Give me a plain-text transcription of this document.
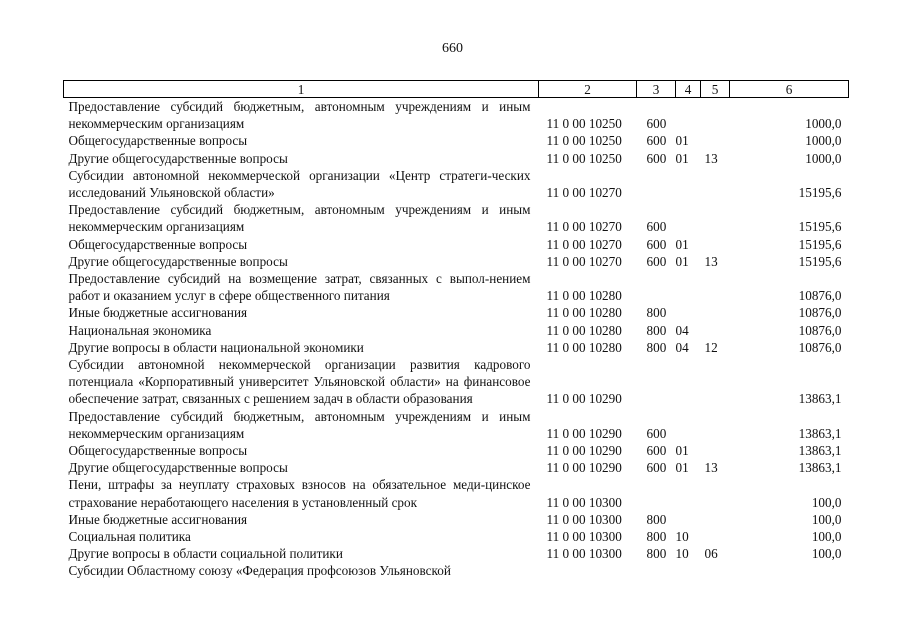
660
1	2	3	4	5	6
Предоставление субсидий бюджетным, автономным учреждениям и иным некоммерческим организациям	11 0 00 10250	600			1000,0
Общегосударственные вопросы	11 0 00 10250	600	01		1000,0
Другие общегосударственные вопросы	11 0 00 10250	600	01	13	1000,0
Субсидии автономной некоммерческой организации «Центр стратеги-ческих исследований Ульяновской области»	11 0 00 10270				15195,6
Предоставление субсидий бюджетным, автономным учреждениям и иным некоммерческим организациям	11 0 00 10270	600			15195,6
Общегосударственные вопросы	11 0 00 10270	600	01		15195,6
Другие общегосударственные вопросы	11 0 00 10270	600	01	13	15195,6
Предоставление субсидий на возмещение затрат, связанных с выпол-нением работ и оказанием услуг в сфере общественного питания	11 0 00 10280				10876,0
Иные бюджетные ассигнования	11 0 00 10280	800			10876,0
Национальная экономика	11 0 00 10280	800	04		10876,0
Другие вопросы в области национальной экономики	11 0 00 10280	800	04	12	10876,0
Субсидии автономной некоммерческой организации развития кадрового потенциала «Корпоративный университет Ульяновской области» на финансовое обеспечение затрат, связанных с решением задач в области образования	11 0 00 10290				13863,1
Предоставление субсидий бюджетным, автономным учреждениям и иным некоммерческим организациям	11 0 00 10290	600			13863,1
Общегосударственные вопросы	11 0 00 10290	600	01		13863,1
Другие общегосударственные вопросы	11 0 00 10290	600	01	13	13863,1
Пени, штрафы за неуплату страховых взносов на обязательное меди-цинское страхование неработающего населения в установленный срок	11 0 00 10300				100,0
Иные бюджетные ассигнования	11 0 00 10300	800			100,0
Социальная политика	11 0 00 10300	800	10		100,0
Другие вопросы в области социальной политики	11 0 00 10300	800	10	06	100,0
Субсидии Областному союзу «Федерация профсоюзов Ульяновской					
